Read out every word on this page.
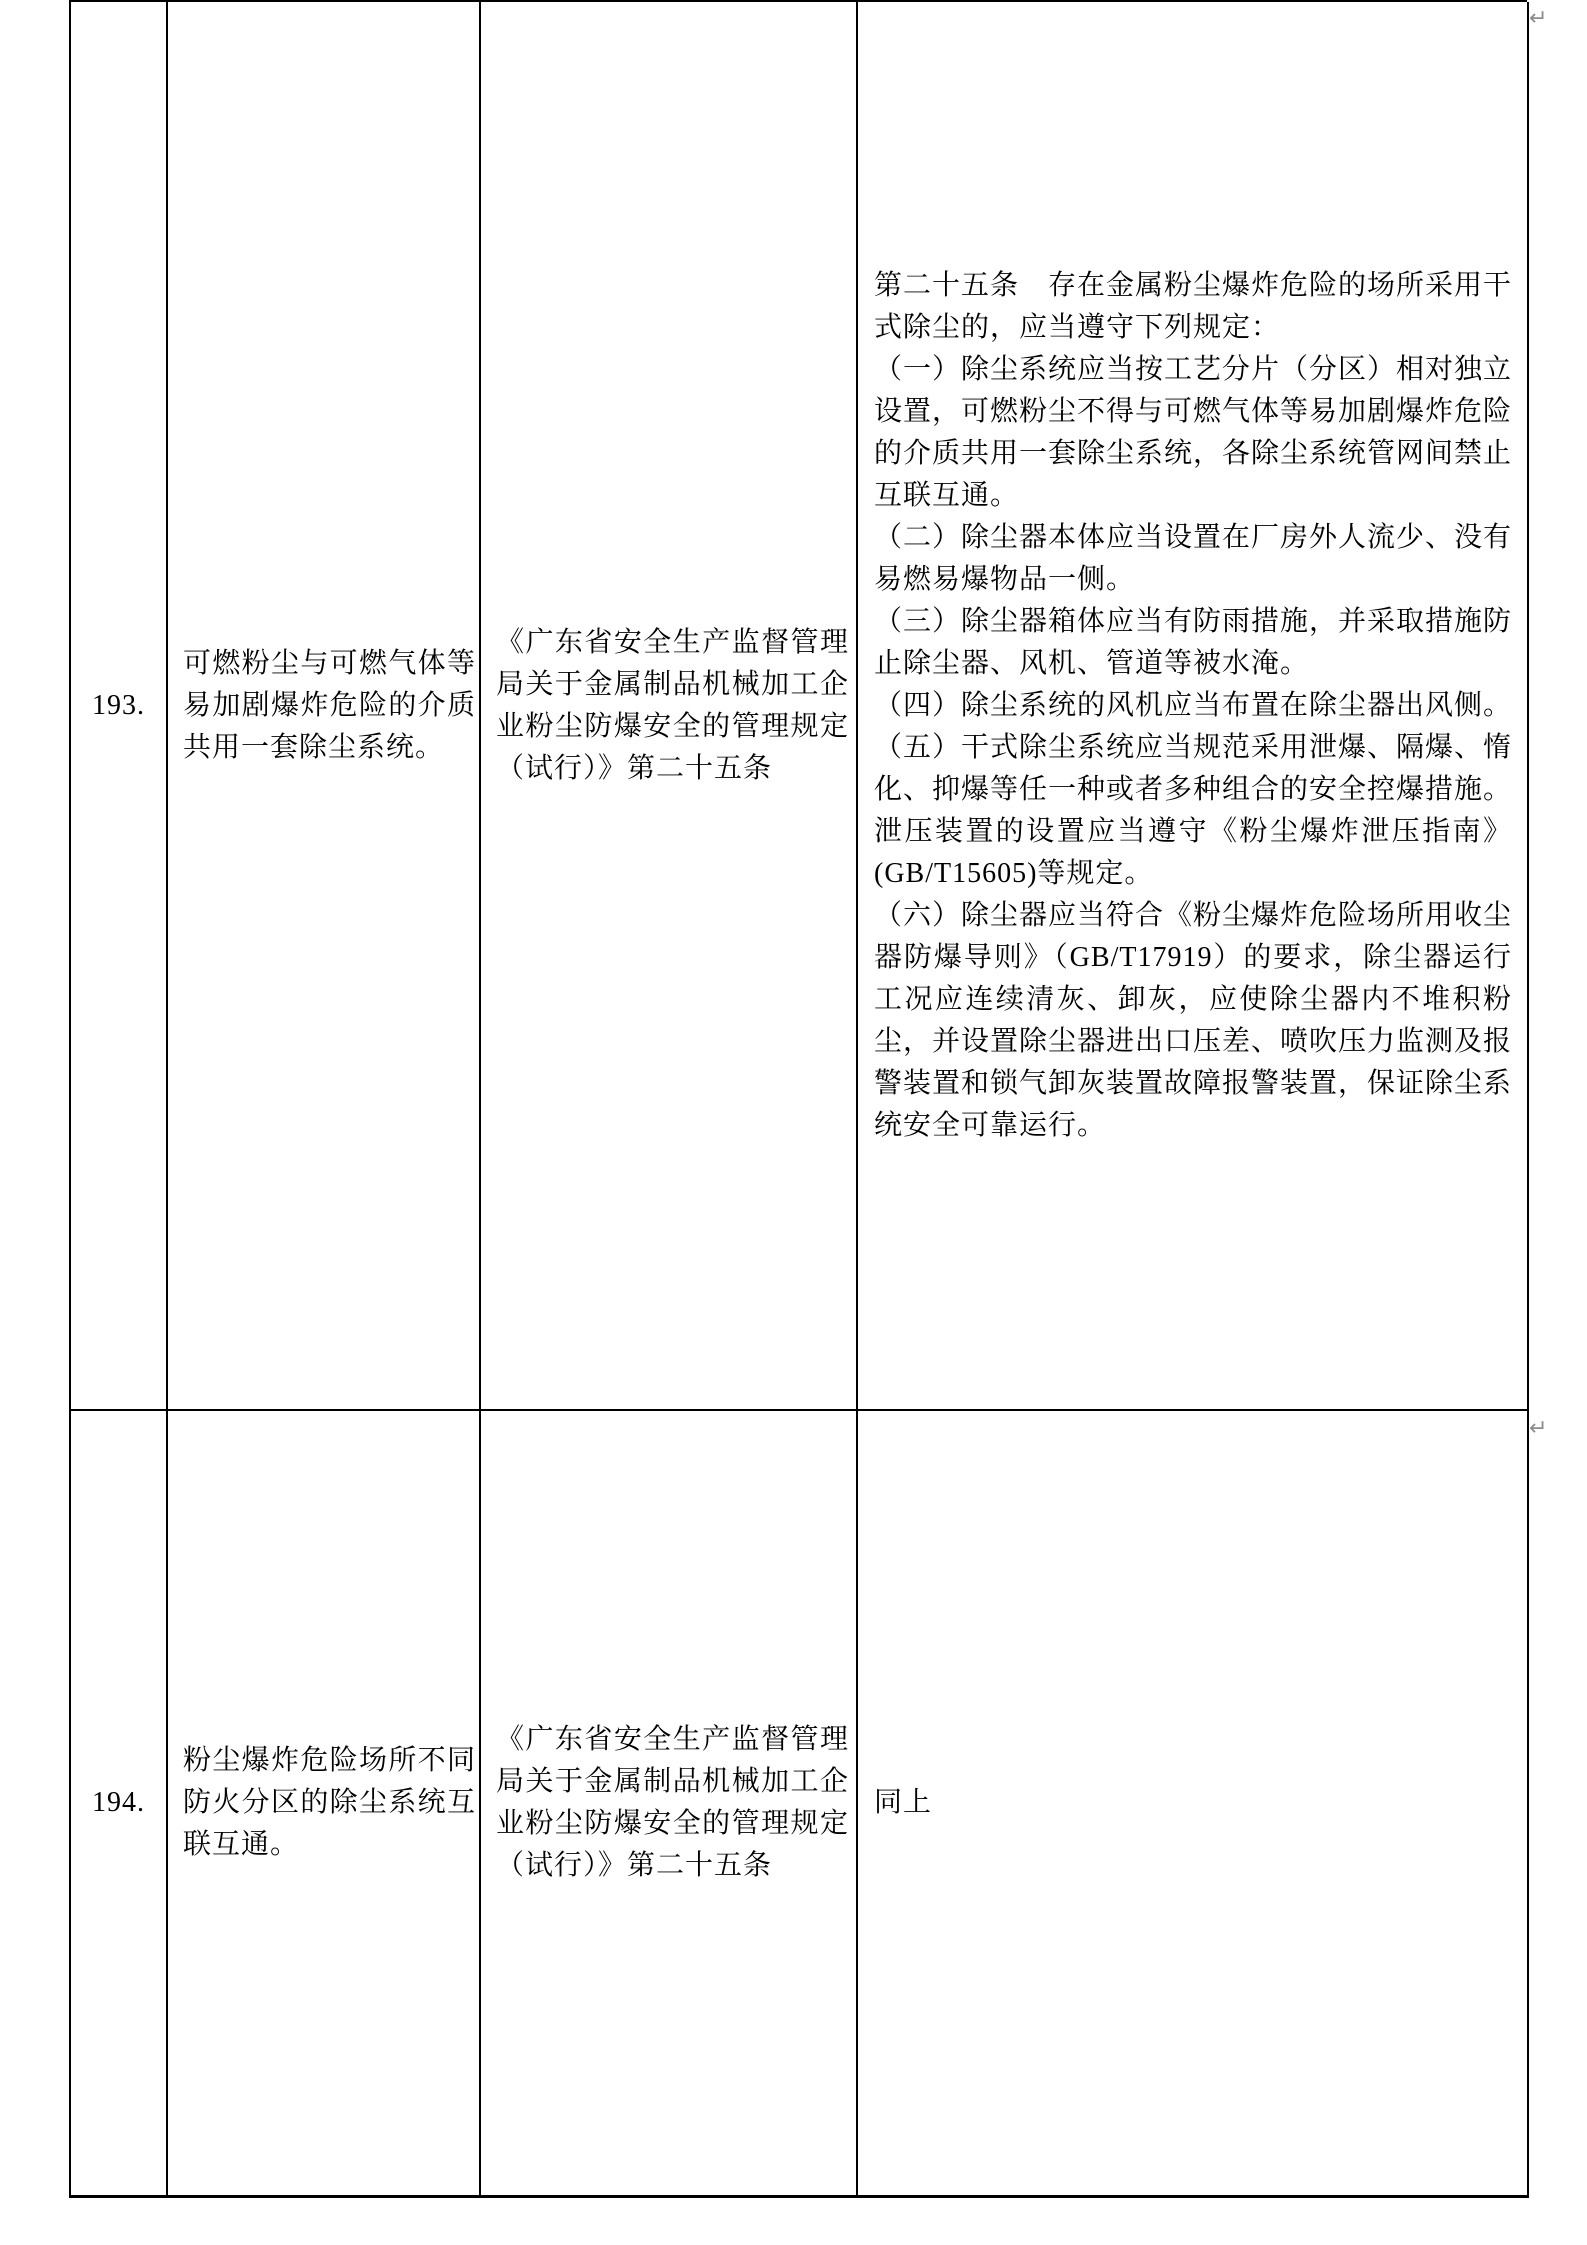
193.

可燃粉尘与可燃气体等易加剧爆炸危险的介质共用一套除尘系统。

《广东省安全生产监督管理局关于金属制品机械加工企业粉尘防爆安全的管理规定（试行）》第二十五条

第二十五条　存在金属粉尘爆炸危险的场所采用干式除尘的，应当遵守下列规定：

（一）除尘系统应当按工艺分片（分区）相对独立设置，可燃粉尘不得与可燃气体等易加剧爆炸危险的介质共用一套除尘系统，各除尘系统管网间禁止互联互通。

（二）除尘器本体应当设置在厂房外人流少、没有易燃易爆物品一侧。

（三）除尘器箱体应当有防雨措施，并采取措施防止除尘器、风机、管道等被水淹。

（四）除尘系统的风机应当布置在除尘器出风侧。

（五）干式除尘系统应当规范采用泄爆、隔爆、惰化、抑爆等任一种或者多种组合的安全控爆措施。泄压装置的设置应当遵守《粉尘爆炸泄压指南》(GB/T15605)等规定。

（六）除尘器应当符合《粉尘爆炸危险场所用收尘器防爆导则》（GB/T17919）的要求，除尘器运行工况应连续清灰、卸灰，应使除尘器内不堆积粉尘，并设置除尘器进出口压差、喷吹压力监测及报警装置和锁气卸灰装置故障报警装置，保证除尘系统安全可靠运行。

194.

粉尘爆炸危险场所不同防火分区的除尘系统互联互通。

《广东省安全生产监督管理局关于金属制品机械加工企业粉尘防爆安全的管理规定（试行）》第二十五条

同上

↵
↵
